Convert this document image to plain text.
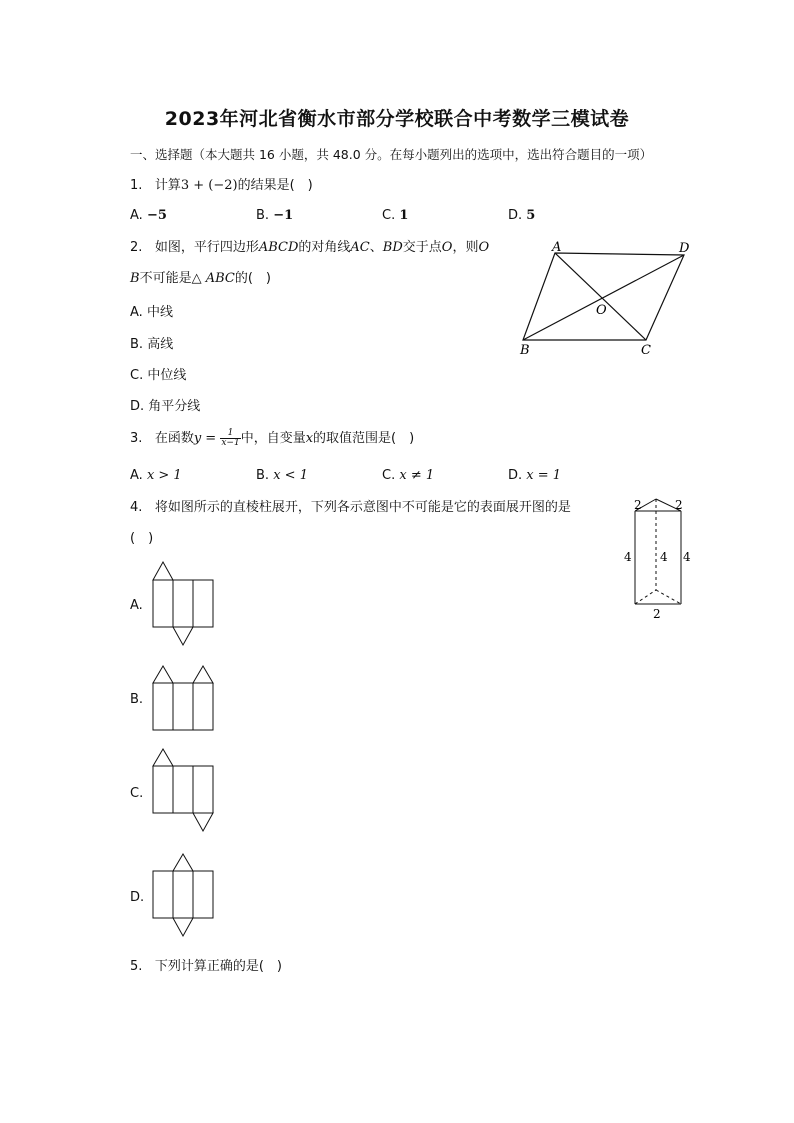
2023年河北省衡水市部分学校联合中考数学三模试卷
一、选择题（本大题共 16 小题，共 48.0 分。在每小题列出的选项中，选出符合题目的一项）
1. 计算3 + (−2)的结果是(　)
A. −5	B. −1	C. 1	D. 5
2. 如图，平行四边形ABCD的对角线AC、BD交于点O，则O
B不可能是△ ABC的(　)
A. 中线
B. 高线
C. 中位线
D. 角平分线
A	D
B	C
O
3. 在函数$y = \frac{1}{x-1}$ 中，自变量x的取值范围是(　)
A. x > 1	B. x < 1	C. x ≠ 1	D. x = 1
4. 将如图所示的直棱柱展开，下列各示意图中不可能是它的表面展开图的是
(　)
2	2
4 4 4
2
A.
B.
C.
D.
5. 下列计算正确的是(　)
